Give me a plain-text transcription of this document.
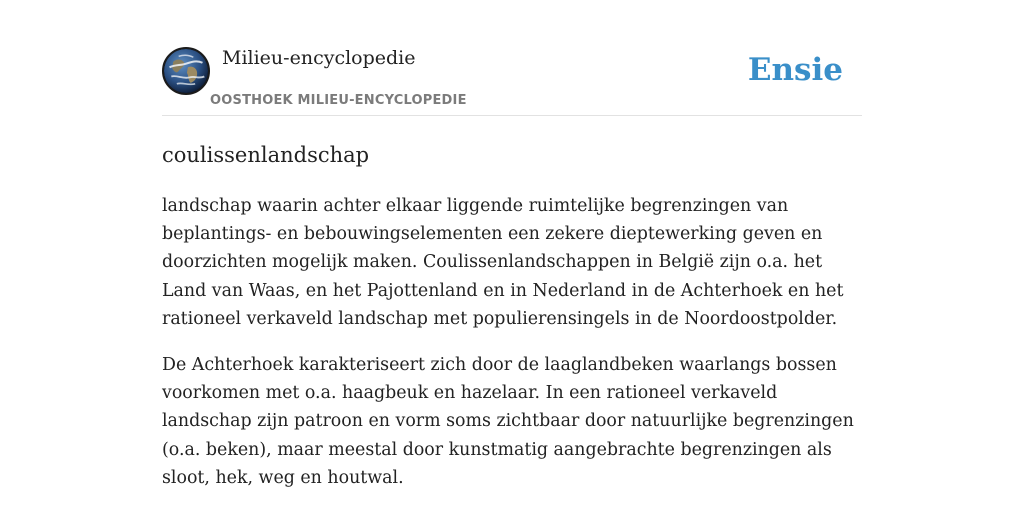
Milieu-encyclopedie
OOSTHOEK MILIEU-ENCYCLOPEDIE
Ensie
coulissenlandschap

landschap waarin achter elkaar liggende ruimtelijke begrenzingen van beplantings- en bebouwingselementen een zekere dieptewerking geven en doorzichten mogelijk maken. Coulissenlandschappen in België zijn o.a. het Land van Waas, en het Pajottenland en in Nederland in de Achterhoek en het rationeel verkaveld landschap met populierensingels in de Noordoostpolder.

De Achterhoek karakteriseert zich door de laaglandbeken waarlangs bossen voorkomen met o.a. haagbeuk en hazelaar. In een rationeel verkaveld landschap zijn patroon en vorm soms zichtbaar door natuurlijke begrenzingen (o.a. beken), maar meestal door kunstmatig aangebrachte begrenzingen als sloot, hek, weg en houtwal.
